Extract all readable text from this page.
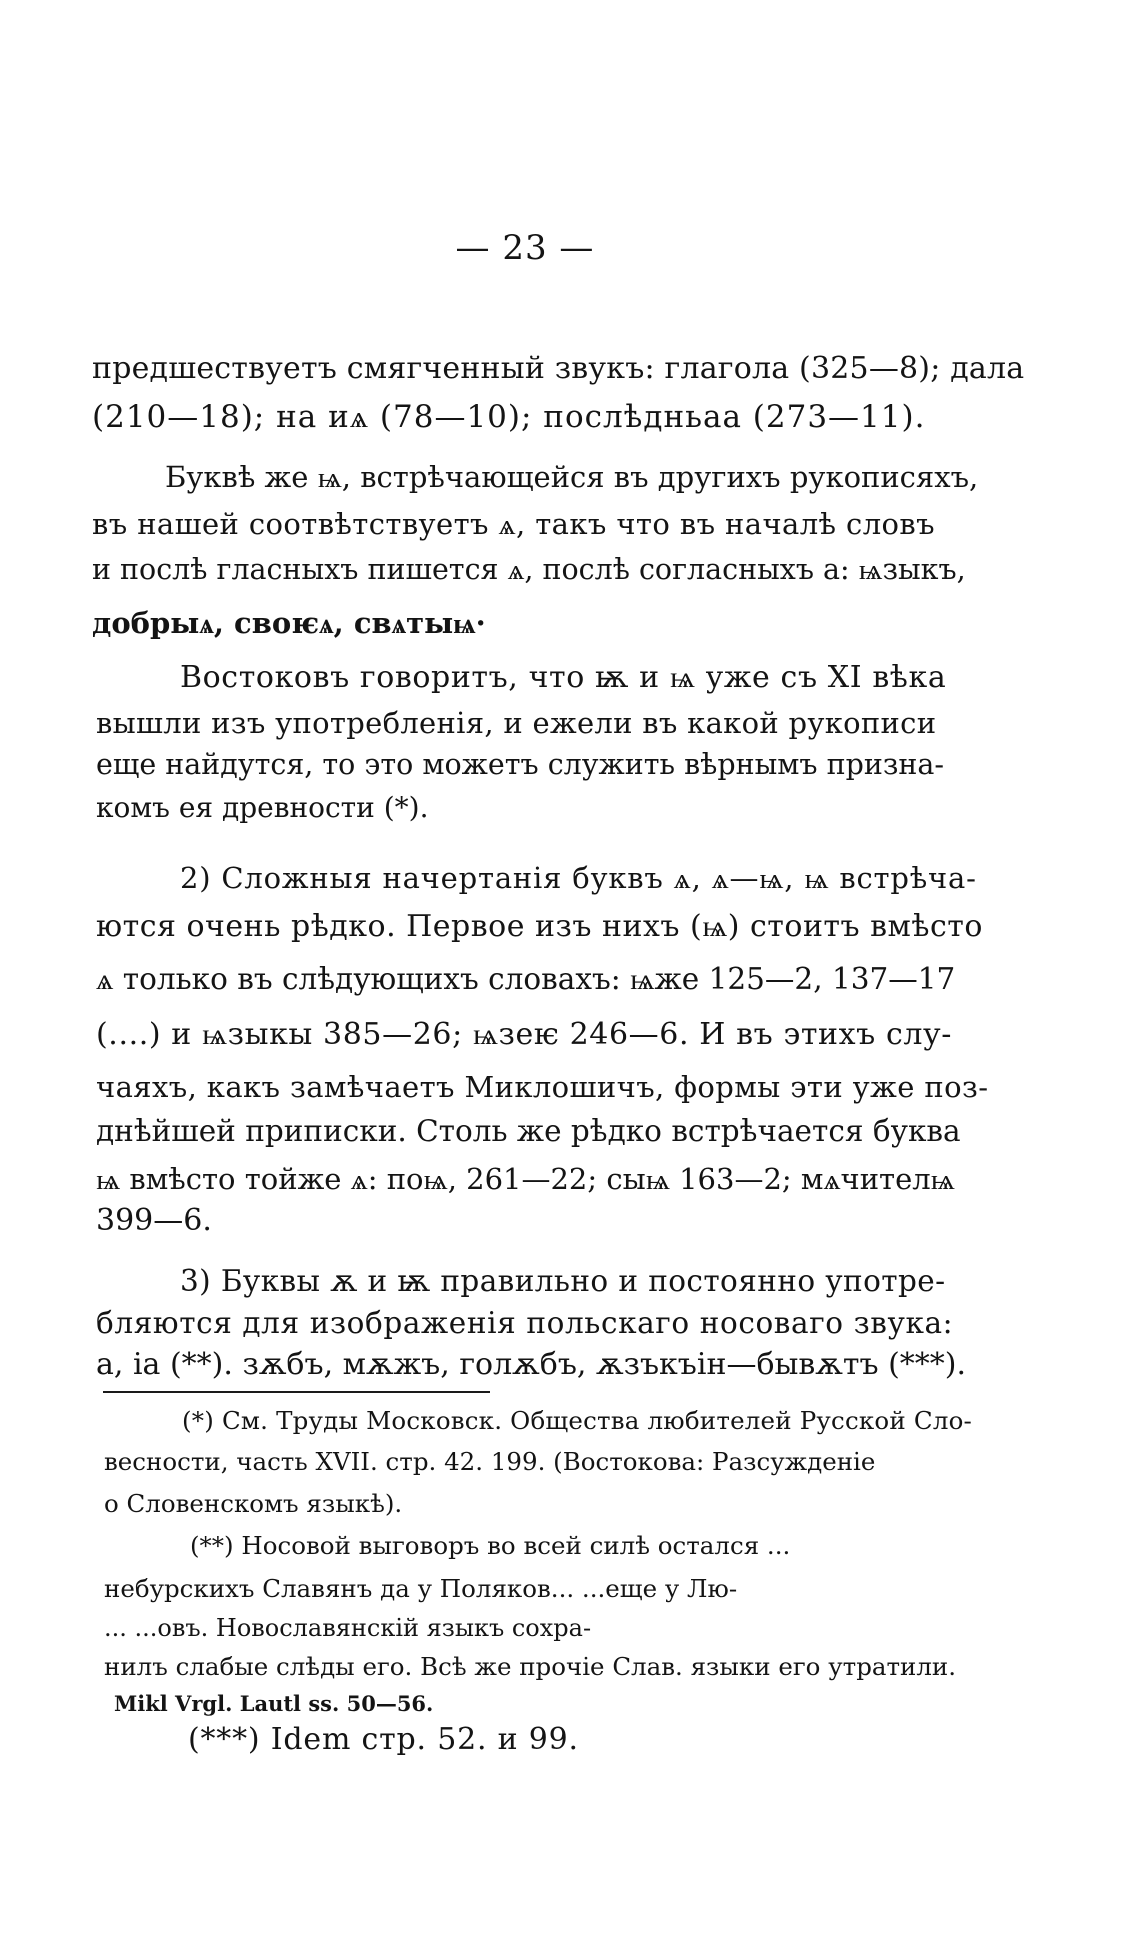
— 23 —
предшествуетъ смягченный звукъ: глагола (325—8); дала
(210—18); на иѧ (78—10); послѣдньаа (273—11).
Буквѣ же ѩ, встрѣчающейся въ другихъ рукописяхъ,
въ нашей соотвѣтствуетъ ѧ, такъ что въ началѣ словъ
и послѣ гласныхъ пишется ѧ, послѣ согласныхъ а: ѩзыкъ,
добрыѧ, своѥѧ, свѧтыѩ·
Востоковъ говоритъ, что ѭ и ѩ уже съ XI вѣка
вышли изъ употребленія, и ежели въ какой рукописи
еще найдутся, то это можетъ служить вѣрнымъ призна-
комъ ея древности (*).
2) Сложныя начертанія буквъ ѧ, ѧ—ѩ, ѩ встрѣча-
ются очень рѣдко. Первое изъ нихъ (ѩ) стоитъ вмѣсто
ѧ только въ слѣдующихъ словахъ: ѩже 125—2, 137—17
(....) и ѩзыкы 385—26; ѩзеѥ 246—6. И въ этихъ слу-
чаяхъ, какъ замѣчаетъ Миклошичъ, формы эти уже поз-
днѣйшей приписки. Столь же рѣдко встрѣчается буква
ѩ вмѣсто тойже ѧ: поѩ, 261—22; сыѩ 163—2; мѧчителѩ
399—6.
3) Буквы ѫ и ѭ правильно и постоянно употре-
бляются для изображенія польскаго носоваго звука:
а, іа (**). зѫбъ, мѫжъ, голѫбъ, ѫзъкъін—бывѫтъ (***).
(*) См. Труды Московск. Общества любителей Русской Сло-
весности, часть XVII. стр. 42. 199. (Востокова: Разсужденіе
о Словенскомъ языкѣ).
(**) Носовой выговоръ во всей силѣ остался ...
небурскихъ Славянъ да у Поляков... ...еще у Лю-
... ...овъ. Новославянскій языкъ сохра-
нилъ слабые слѣды его. Всѣ же прочіе Слав. языки его утратили.
Mikl Vrgl. Lautl ss. 50—56.
(***) Idem стр. 52. и 99.
